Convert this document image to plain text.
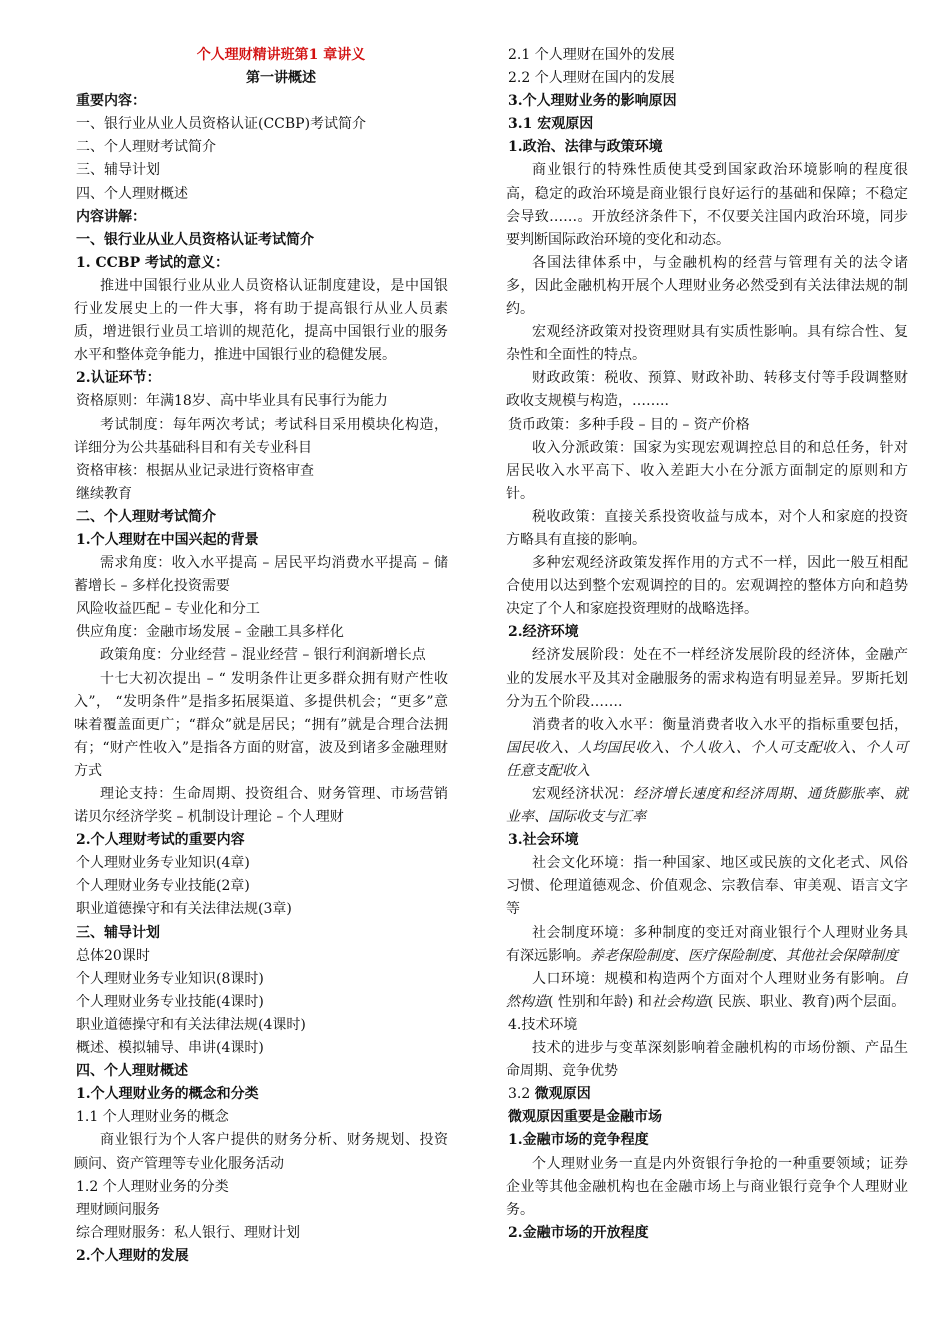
个人理财精讲班第1 章讲义
第一讲概述
重要内容：
一、银行业从业人员资格认证(CCBP)考试简介
二、个人理财考试简介
三、辅导计划
四、个人理财概述
内容讲解：
一、银行业从业人员资格认证考试简介
1. CCBP 考试的意义：
推进中国银行业从业人员资格认证制度建设，是中国银行业发展史上的一件大事，将有助于提高银行从业人员素质，增进银行业员工培训的规范化，提高中国银行业的服务水平和整体竞争能力，推进中国银行业的稳健发展。
2.认证环节：
资格原则：年满18岁、高中毕业具有民事行为能力
考试制度：每年两次考试；考试科目采用模块化构造，详细分为公共基础科目和有关专业科目
资格审核：根据从业记录进行资格审查
继续教育
二、个人理财考试简介
1.个人理财在中国兴起的背景
需求角度：收入水平提高 – 居民平均消费水平提高 – 储蓄增长 – 多样化投资需要
风险收益匹配 – 专业化和分工
供应角度：金融市场发展 – 金融工具多样化
政策角度：分业经营 – 混业经营 – 银行利润新增长点
十七大初次提出 – “ 发明条件让更多群众拥有财产性收入”， “发明条件”是指多拓展渠道、多提供机会；“更多”意味着覆盖面更广；“群众”就是居民；“拥有”就是合理合法拥有；“财产性收入”是指各方面的财富，波及到诸多金融理财方式
理论支持：生命周期、投资组合、财务管理、市场营销诺贝尔经济学奖 – 机制设计理论 – 个人理财
2.个人理财考试的重要内容
个人理财业务专业知识(4章)
个人理财业务专业技能(2章)
职业道德操守和有关法律法规(3章)
三、辅导计划
总体20课时
个人理财业务专业知识(8课时)
个人理财业务专业技能(4课时)
职业道德操守和有关法律法规(4课时)
概述、模拟辅导、串讲(4课时)
四、个人理财概述
1.个人理财业务的概念和分类
1.1 个人理财业务的概念
商业银行为个人客户提供的财务分析、财务规划、投资顾问、资产管理等专业化服务活动
1.2 个人理财业务的分类
理财顾问服务
综合理财服务：私人银行、理财计划
2.个人理财的发展
2.1 个人理财在国外的发展
2.2 个人理财在国内的发展
3.个人理财业务的影响原因
3.1 宏观原因
1.政治、法律与政策环境
商业银行的特殊性质使其受到国家政治环境影响的程度很高，稳定的政治环境是商业银行良好运行的基础和保障；不稳定会导致……。开放经济条件下，不仅要关注国内政治环境，同步要判断国际政治环境的变化和动态。
各国法律体系中，与金融机构的经营与管理有关的法令诸多，因此金融机构开展个人理财业务必然受到有关法律法规的制约。
宏观经济政策对投资理财具有实质性影响。具有综合性、复杂性和全面性的特点。
财政政策：税收、预算、财政补助、转移支付等手段调整财政收支规模与构造，……..
货币政策：多种手段 – 目的 – 资产价格
收入分派政策：国家为实现宏观调控总目的和总任务，针对居民收入水平高下、收入差距大小在分派方面制定的原则和方针。
税收政策：直接关系投资收益与成本，对个人和家庭的投资方略具有直接的影响。
多种宏观经济政策发挥作用的方式不一样，因此一般互相配合使用以达到整个宏观调控的目的。宏观调控的整体方向和趋势决定了个人和家庭投资理财的战略选择。
2.经济环境
经济发展阶段：处在不一样经济发展阶段的经济体，金融产业的发展水平及其对金融服务的需求构造有明显差异。罗斯托划分为五个阶段…….
消费者的收入水平：衡量消费者收入水平的指标重要包括，国民收入、人均国民收入、个人收入、个人可支配收入、个人可任意支配收入
宏观经济状况：经济增长速度和经济周期、通货膨胀率、就业率、国际收支与汇率
3.社会环境
社会文化环境：指一种国家、地区或民族的文化老式、风俗习惯、伦理道德观念、价值观念、宗教信奉、审美观、语言文字等
社会制度环境：多种制度的变迁对商业银行个人理财业务具有深远影响。养老保险制度、医疗保险制度、其他社会保障制度
人口环境：规模和构造两个方面对个人理财业务有影响。自然构造( 性别和年龄) 和社会构造( 民族、职业、教育)两个层面。
4.技术环境
技术的进步与变革深刻影响着金融机构的市场份额、产品生命周期、竞争优势
3.2 微观原因
微观原因重要是金融市场
1.金融市场的竞争程度
个人理财业务一直是内外资银行争抢的一种重要领域；证券企业等其他金融机构也在金融市场上与商业银行竞争个人理财业务。
2.金融市场的开放程度
